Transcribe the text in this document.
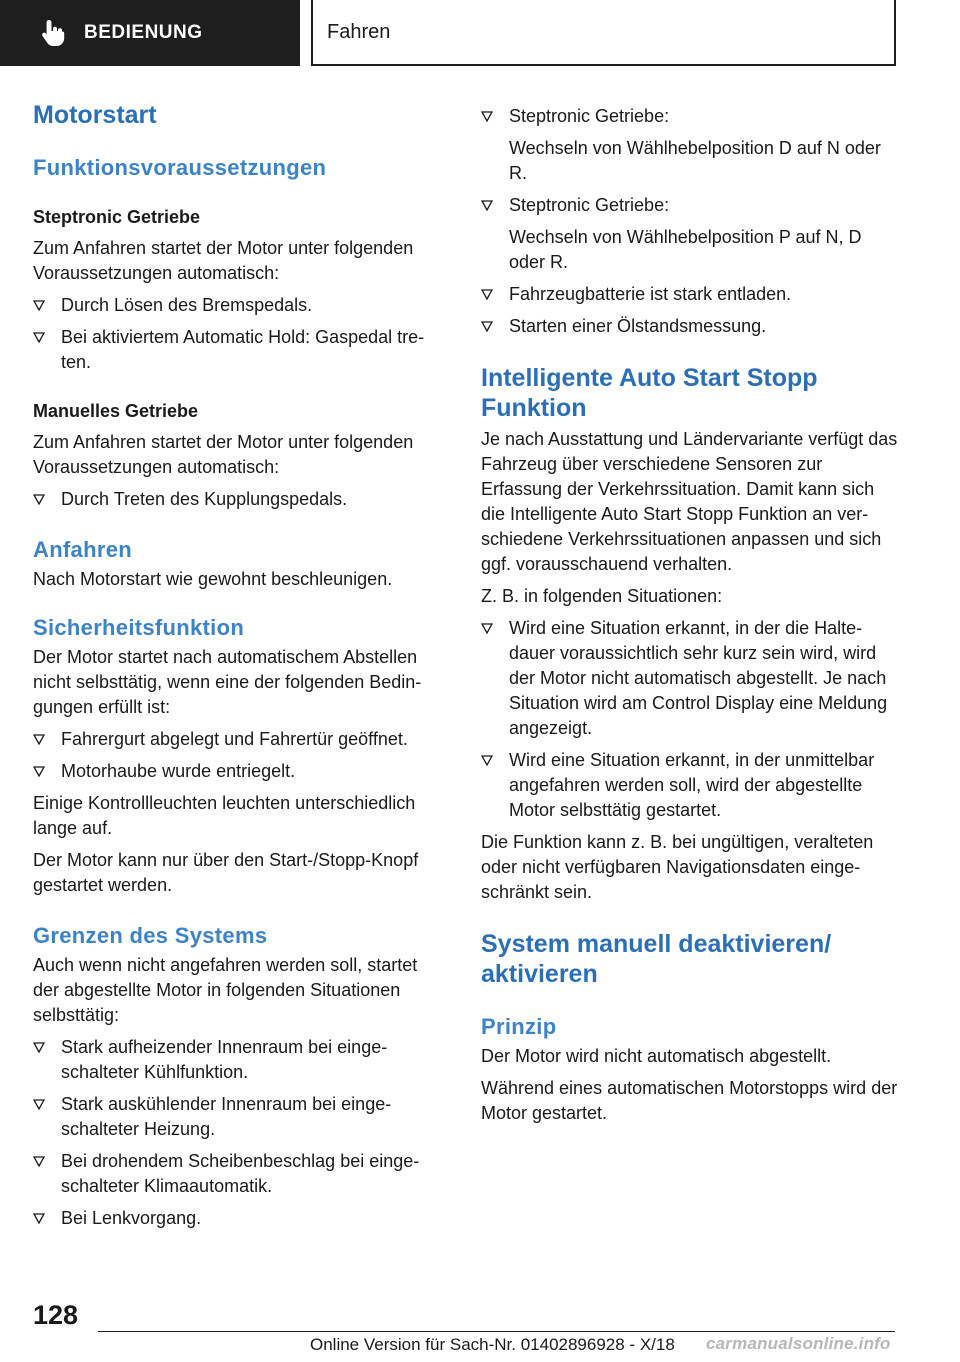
BEDIENUNG	Fahren
Motorstart
Funktionsvoraussetzungen
Steptronic Getriebe
Zum Anfahren startet der Motor unter folgenden Voraussetzungen automatisch:
Durch Lösen des Bremspedals.
Bei aktiviertem Automatic Hold: Gaspedal tre-
ten.
Manuelles Getriebe
Zum Anfahren startet der Motor unter folgenden Voraussetzungen automatisch:
Durch Treten des Kupplungspedals.
Anfahren
Nach Motorstart wie gewohnt beschleunigen.
Sicherheitsfunktion
Der Motor startet nach automatischem Abstellen nicht selbsttätig, wenn eine der folgenden Bedin-
gungen erfüllt ist:
Fahrergurt abgelegt und Fahrertür geöffnet.
Motorhaube wurde entriegelt.
Einige Kontrollleuchten leuchten unterschiedlich lange auf.
Der Motor kann nur über den Start-/Stopp-Knopf gestartet werden.
Grenzen des Systems
Auch wenn nicht angefahren werden soll, startet der abgestellte Motor in folgenden Situationen selbsttätig:
Stark aufheizender Innenraum bei einge-
schalteter Kühlfunktion.
Stark auskühlender Innenraum bei einge-
schalteter Heizung.
Bei drohendem Scheibenbeschlag bei einge-
schalteter Klimaautomatik.
Bei Lenkvorgang.
Steptronic Getriebe:
Wechseln von Wählhebelposition D auf N oder R.
Steptronic Getriebe:
Wechseln von Wählhebelposition P auf N, D oder R.
Fahrzeugbatterie ist stark entladen.
Starten einer Ölstandsmessung.
Intelligente Auto Start Stopp Funktion
Je nach Ausstattung und Ländervariante verfügt das Fahrzeug über verschiedene Sensoren zur Erfassung der Verkehrssituation. Damit kann sich die Intelligente Auto Start Stopp Funktion an ver-
schiedene Verkehrssituationen anpassen und sich ggf. vorausschauend verhalten.
Z. B. in folgenden Situationen:
Wird eine Situation erkannt, in der die Halte-
dauer voraussichtlich sehr kurz sein wird, wird der Motor nicht automatisch abgestellt. Je nach Situation wird am Control Display eine Meldung angezeigt.
Wird eine Situation erkannt, in der unmittelbar angefahren werden soll, wird der abgestellte Motor selbsttätig gestartet.
Die Funktion kann z. B. bei ungültigen, veralteten oder nicht verfügbaren Navigationsdaten einge-
schränkt sein.
System manuell deaktivieren/ aktivieren
Prinzip
Der Motor wird nicht automatisch abgestellt.
Während eines automatischen Motorstopps wird der Motor gestartet.
128
Online Version für Sach-Nr. 01402896928 - X/18 carmanualsonline.info
